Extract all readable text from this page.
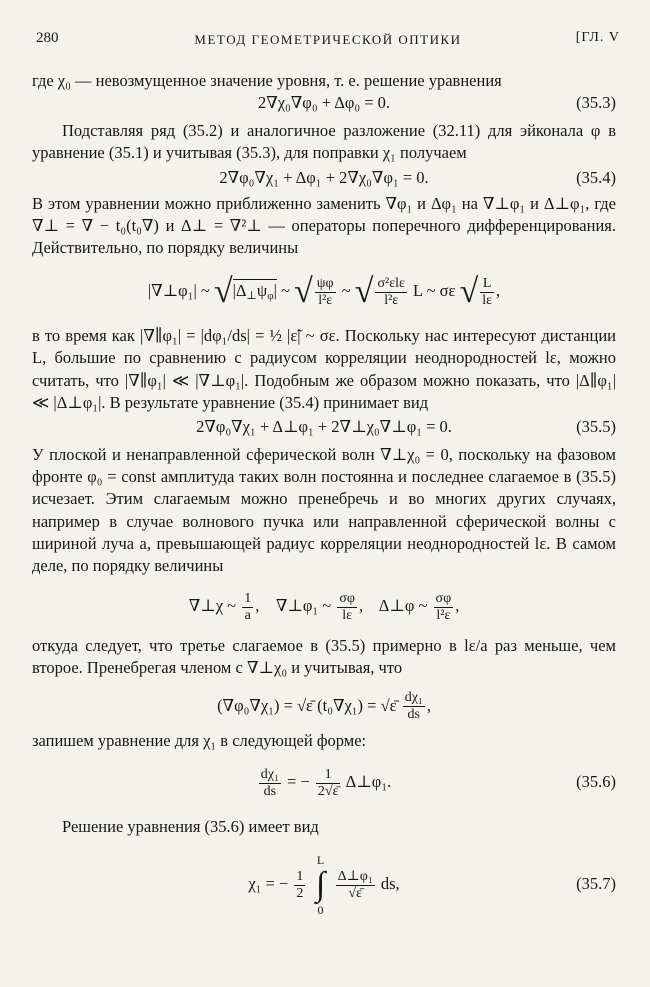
280	МЕТОД ГЕОМЕТРИЧЕСКОЙ ОПТИКИ	[ГЛ. V

где χ₀ — невозмущенное значение уровня, т. е. решение уравнения

2∇χ₀∇φ₀ + Δφ₀ = 0.	(35.3)

Подставляя ряд (35.2) и аналогичное разложение (32.11) для эйконала φ в уравнение (35.1) и учитывая (35.3), для поправки χ₁ получаем

2∇φ₀∇χ₁ + Δφ₁ + 2∇χ₀∇φ₁ = 0.	(35.4)

В этом уравнении можно приближенно заменить ∇φ₁ и Δφ₁ на ∇⊥φ₁ и Δ⊥φ₁, где ∇⊥ = ∇ − t₀(t₀∇) и Δ⊥ = ∇²⊥ — операторы поперечного дифференцирования. Действительно, по порядку величины

|∇⊥φ₁| ~ $√|\Delta_\perp\psi_\varphi|$ ~ √ $\frac{\psi\varphi}{\text{l²ε}}$ ~ √ $\frac{\text{σ²εlε}}{\text{l²ε}}$ L ~ σε √ $\frac{L}{l\varepsilon}$ ,

в то время как |∇∥φ₁| = |dφ₁/ds| = ½ |ε̃| ~ σε. Поскольку нас интересуют дистанции L, большие по сравнению с радиусом корреляции неоднородностей lε, можно считать, что |∇∥φ₁| ≪ |∇⊥φ₁|. Подобным же образом можно показать, что |Δ∥φ₁| ≪ |Δ⊥φ₁|. В результате уравнение (35.4) принимает вид

2∇φ₀∇χ₁ + Δ⊥φ₁ + 2∇⊥χ₀∇⊥φ₁ = 0.	(35.5)

У плоской и ненаправленной сферической волн ∇⊥χ₀ = 0, поскольку на фазовом фронте φ₀ = const амплитуда таких волн постоянна и последнее слагаемое в (35.5) исчезает. Этим слагаемым можно пренебречь и во многих других случаях, например в случае волнового пучка или направленной сферической волны с шириной луча a, превышающей радиус корреляции неоднородностей lε. В самом деле, по порядку величины

∇⊥χ ~ $\frac{1}{a}$ ,    ∇⊥φ₁ ~ $\frac{\sigma\varphi}{l\varepsilon}$ ,    Δ⊥φ ~ $\frac{\sigma\varphi}{\text{l²ε}}$ ,

откуда следует, что третье слагаемое в (35.5) примерно в lε/a раз меньше, чем второе. Пренебрегая членом с ∇⊥χ₀ и учитывая, что

(∇φ₀∇χ₁) = √ε̄ (t₀∇χ₁) = √ε̄ $\frac{\text{dχ₁}}{ds}$ ,

запишем уравнение для χ₁ в следующей форме:

$\frac{\text{dχ₁}}{ds}$ = − $\frac{1}{2√\varepsilon̄}$ Δ⊥φ₁.	(35.6)

Решение уравнения (35.6) имеет вид

χ₁ = − $\frac{1}{2}$

L
∫
0

$\frac{\text{Δ⊥φ₁}}{√\varepsilon̄}$ ds,	(35.7)
